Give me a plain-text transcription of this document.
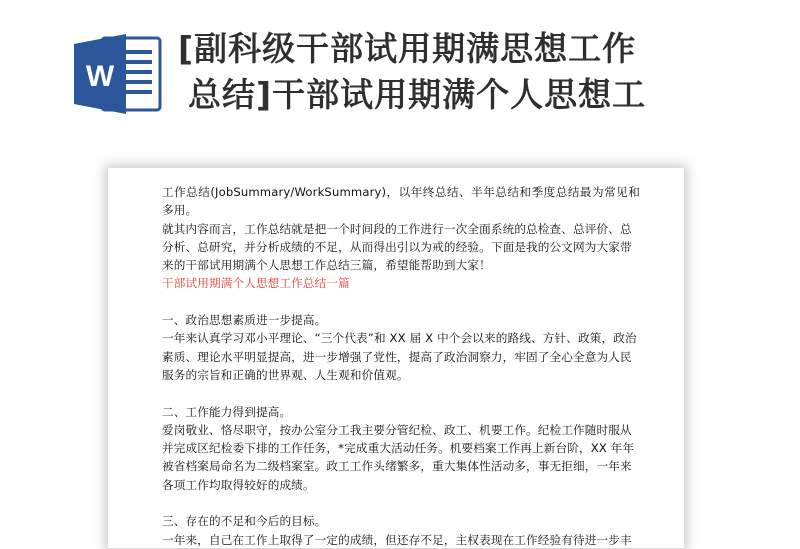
W
[副科级干部试用期满思想工作
总结]干部试用期满个人思想工

工作总结(JobSummary/WorkSummary)，以年终总结、半年总结和季度总结最为常见和多用。

就其内容而言，工作总结就是把一个时间段的工作进行一次全面系统的总检查、总评价、总

分析、总研究，并分析成绩的不足，从而得出引以为戒的经验。下面是我的公文网为大家带

来的干部试用期满个人思想工作总结三篇，希望能帮助到大家！

干部试用期满个人思想工作总结一篇

一、政治思想素质进一步提高。

一年来认真学习邓小平理论、“三个代表”和 XX 届 X 中个会以来的路线、方针、政策，政治

素质、理论水平明显提高，进一步增强了党性，提高了政治洞察力，牢固了全心全意为人民

服务的宗旨和正确的世界观、人生观和价值观。

二、工作能力得到提高。

爱岗敬业、恪尽职守，按办公室分工我主要分管纪检、政工、机要工作。纪检工作随时服从

并完成区纪检委下排的工作任务，*完成重大活动任务。机要档案工作再上新台阶，XX 年年

被省档案局命名为二级档案室。政工工作头绪繁多，重大集体性活动多，事无拒细，一年来

各项工作均取得较好的成绩。

三、存在的不足和今后的目标。

一年来，自己在工作上取得了一定的成绩，但还存不足，主权表现在工作经验有待进一步丰
